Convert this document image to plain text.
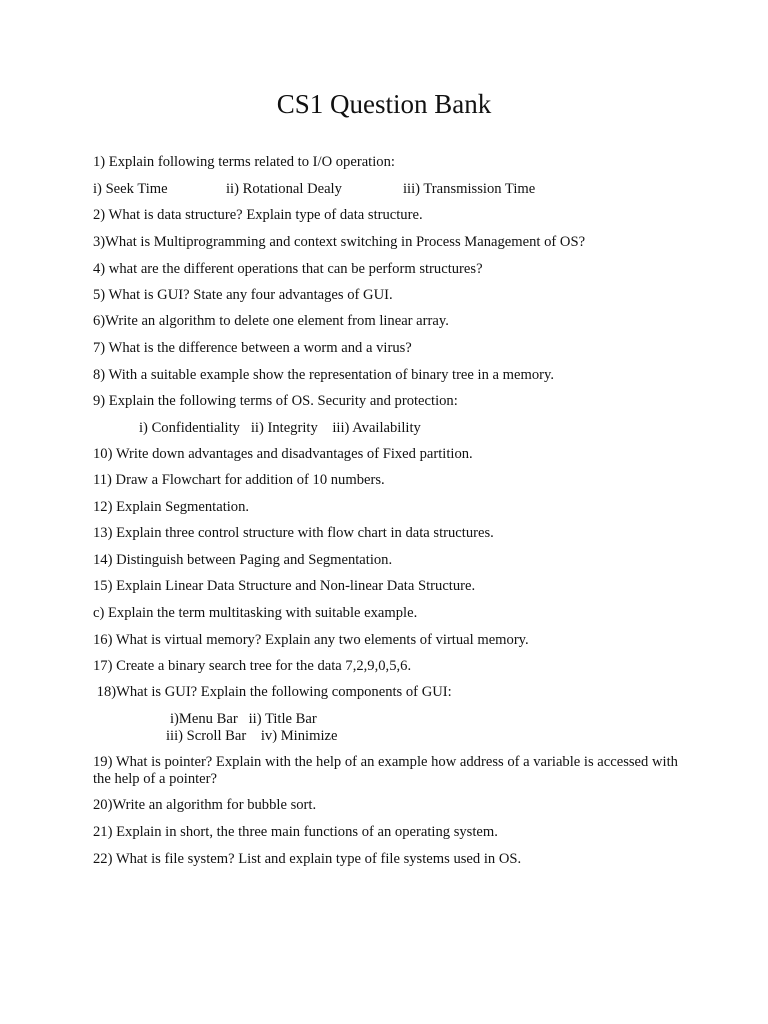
CS1 Question Bank
1) Explain following terms related to I/O operation:
i) Seek Time	ii) Rotational Dealy	iii) Transmission Time
2) What is data structure? Explain type of data structure.
3)What is Multiprogramming and context switching in Process Management of OS?
4) what are the different operations that can be perform structures?
5) What is GUI? State any four advantages of GUI.
6)Write an algorithm to delete one element from linear array.
7) What is the difference between a worm and a virus?
8) With a suitable example show the representation of binary tree in a memory.
9) Explain the following terms of OS. Security and protection:
i) Confidentiality   ii) Integrity    iii) Availability
10) Write down advantages and disadvantages of Fixed partition.
11) Draw a Flowchart for addition of 10 numbers.
12) Explain Segmentation.
13) Explain three control structure with flow chart in data structures.
14) Distinguish between Paging and Segmentation.
15) Explain Linear Data Structure and Non-linear Data Structure.
c) Explain the term multitasking with suitable example.
16) What is virtual memory? Explain any two elements of virtual memory.
17) Create a binary search tree for the data 7,2,9,0,5,6.
18)What is GUI? Explain the following components of GUI:
i)Menu Bar   ii) Title Bar
iii) Scroll Bar    iv) Minimize
19) What is pointer? Explain with the help of an example how address of a variable is accessed with the help of a pointer?
20)Write an algorithm for bubble sort.
21) Explain in short, the three main functions of an operating system.
22) What is file system? List and explain type of file systems used in OS.
